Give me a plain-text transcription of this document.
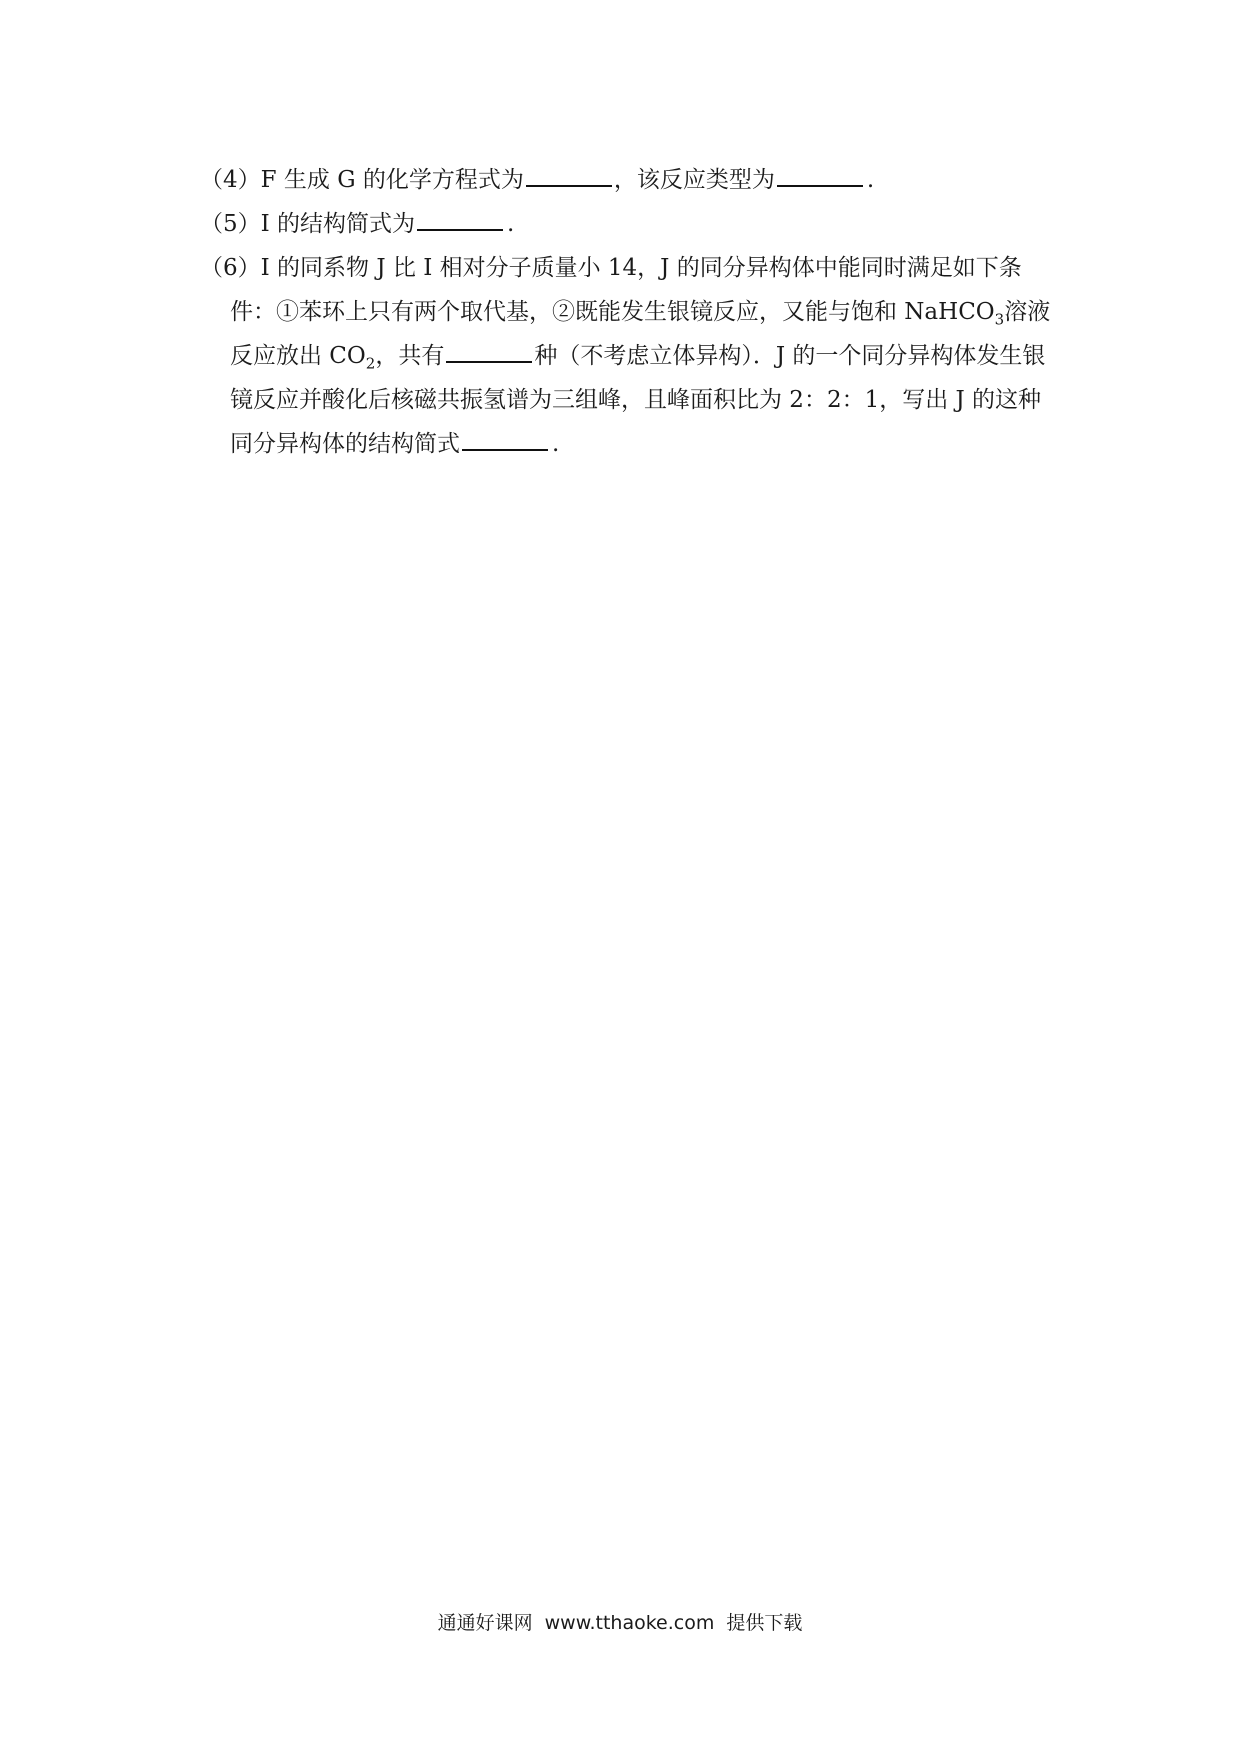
（4）F 生成 G 的化学方程式为	，该反应类型为	.

（5）I 的结构简式为	.

（6）I 的同系物 J 比 I 相对分子质量小 14，J 的同分异构体中能同时满足如下条件：①苯环上只有两个取代基，②既能发生银镜反应，又能与饱和 NaHCO$_3$溶液反应放出 $CO_2$，共有	种（不考虑立体异构）．J 的一个同分异构体发生银镜反应并酸化后核磁共振氢谱为三组峰，且峰面积比为 2：2：1，写出 J 的这种同分异构体的结构简式	.

通通好课网 www.tthaoke.com 提供下载
